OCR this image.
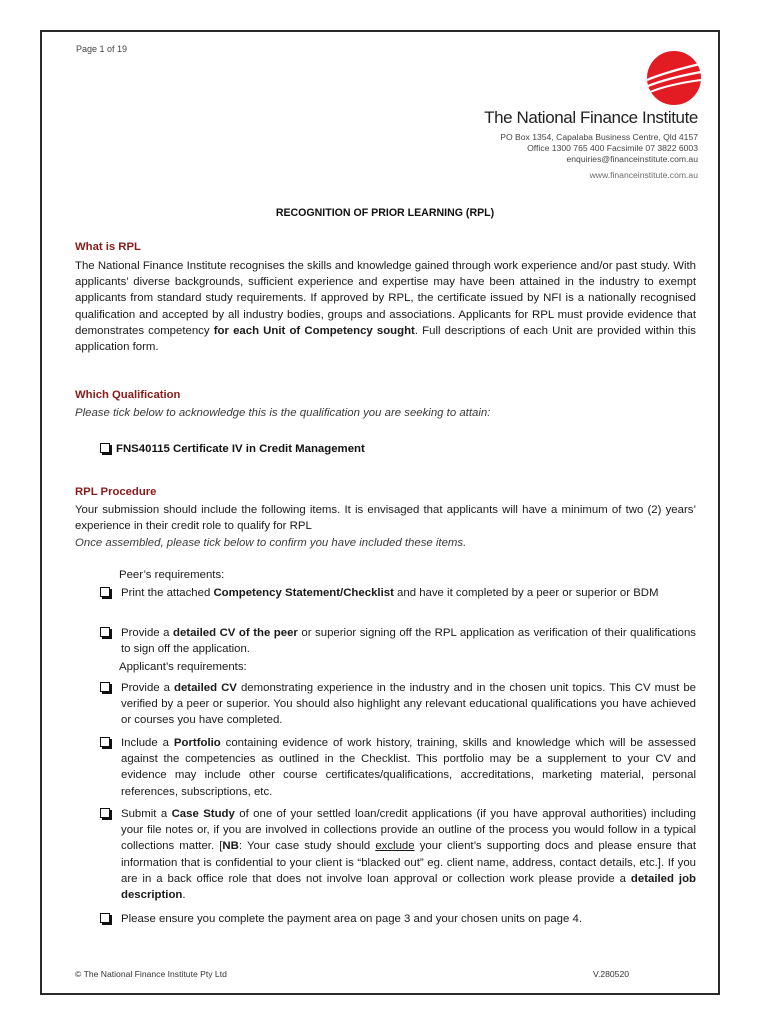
Page 1 of 19
The National Finance Institute
PO Box 1354, Capalaba Business Centre, Qld 4157
Office 1300 765 400 Facsimile 07 3822 6003
enquiries@financeinstitute.com.au
www.financeinstitute.com.au
RECOGNITION OF PRIOR LEARNING (RPL)
What is RPL
The National Finance Institute recognises the skills and knowledge gained through work experience and/or past study. With applicants’ diverse backgrounds, sufficient experience and expertise may have been attained in the industry to exempt applicants from standard study requirements. If approved by RPL, the certificate issued by NFI is a nationally recognised qualification and accepted by all industry bodies, groups and associations. Applicants for RPL must provide evidence that demonstrates competency for each Unit of Competency sought. Full descriptions of each Unit are provided within this application form.
Which Qualification
Please tick below to acknowledge this is the qualification you are seeking to attain:
FNS40115 Certificate IV in Credit Management
RPL Procedure
Your submission should include the following items. It is envisaged that applicants will have a minimum of two (2) years’ experience in their credit role to qualify for RPL
Once assembled, please tick below to confirm you have included these items.
Peer’s requirements:
Print the attached Competency Statement/Checklist and have it completed by a peer or superior or BDM
Provide a detailed CV of the peer or superior signing off the RPL application as verification of their qualifications to sign off the application.
Applicant’s requirements:
Provide a detailed CV demonstrating experience in the industry and in the chosen unit topics. This CV must be verified by a peer or superior. You should also highlight any relevant educational qualifications you have achieved or courses you have completed.
Include a Portfolio containing evidence of work history, training, skills and knowledge which will be assessed against the competencies as outlined in the Checklist. This portfolio may be a supplement to your CV and evidence may include other course certificates/qualifications, accreditations, marketing material, personal references, subscriptions, etc.
Submit a Case Study of one of your settled loan/credit applications (if you have approval authorities) including your file notes or, if you are involved in collections provide an outline of the process you would follow in a typical collections matter. [NB: Your case study should exclude your client’s supporting docs and please ensure that information that is confidential to your client is “blacked out” eg. client name, address, contact details, etc.]. If you are in a back office role that does not involve loan approval or collection work please provide a detailed job description.
Please ensure you complete the payment area on page 3 and your chosen units on page 4.
© The National Finance Institute Pty Ltd	V.280520
